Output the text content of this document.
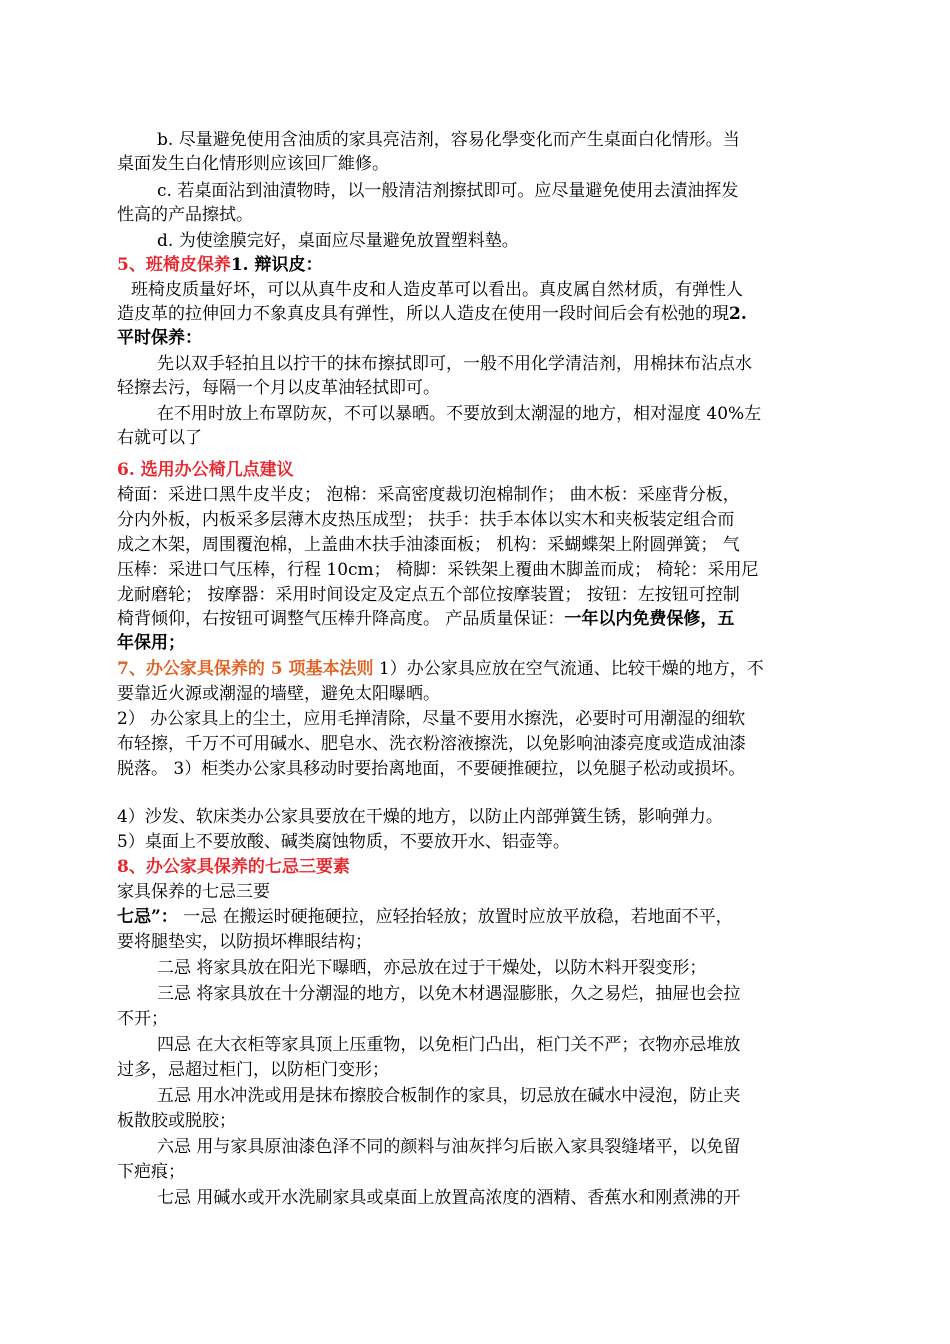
b. 尽量避免使用含油质的家具亮洁剂，容易化學变化而产生桌面白化情形。当
桌面发生白化情形则应该回厂維修。
c. 若桌面沾到油漬物時，以一般清洁剂擦拭即可。应尽量避免使用去漬油挥发
性高的产品擦拭。
d. 为使塗膜完好，桌面应尽量避免放置塑料墊。
5、班椅皮保养1. 辩识皮：
班椅皮质量好坏，可以从真牛皮和人造皮革可以看出。真皮属自然材质，有弹性人
造皮革的拉伸回力不象真皮具有弹性，所以人造皮在使用一段时间后会有松弛的現2.
平时保养：
先以双手轻拍且以拧干的抹布擦拭即可，一般不用化学清洁剂，用棉抹布沾点水
轻擦去污，每隔一个月以皮革油轻拭即可。
在不用时放上布罩防灰，不可以暴晒。不要放到太潮湿的地方，相对湿度 40%左
右就可以了
6. 选用办公椅几点建议
椅面：采进口黑牛皮半皮； 泡棉：采高密度裁切泡棉制作； 曲木板：采座背分板，
分内外板，内板采多层薄木皮热压成型； 扶手：扶手本体以实木和夹板装定组合而
成之木架，周围覆泡棉，上盖曲木扶手油漆面板； 机构：采蝴蝶架上附圆弹簧； 气
压棒：采进口气压棒，行程 10cm； 椅脚：采铁架上覆曲木脚盖而成； 椅轮：采用尼
龙耐磨轮； 按摩器：采用时间设定及定点五个部位按摩装置； 按钮：左按钮可控制
椅背倾仰，右按钮可调整气压棒升降高度。 产品质量保证：一年以内免费保修，五
年保用；
7、办公家具保养的 5 项基本法则 1）办公家具应放在空气流通、比较干燥的地方，不
要靠近火源或潮湿的墙壁，避免太阳曝晒。
2） 办公家具上的尘土，应用毛掸清除，尽量不要用水擦洗，必要时可用潮湿的细软
布轻擦，千万不可用碱水、肥皂水、洗衣粉溶液擦洗，以免影响油漆亮度或造成油漆
脱落。 3）柜类办公家具移动时要抬离地面，不要硬推硬拉，以免腿子松动或损坏。
4）沙发、软床类办公家具要放在干燥的地方，以防止内部弹簧生锈，影响弹力。
5）桌面上不要放酸、碱类腐蚀物质，不要放开水、铝壶等。
8、办公家具保养的七忌三要素
家具保养的七忌三要
七忌”： 一忌 在搬运时硬拖硬拉，应轻抬轻放；放置时应放平放稳，若地面不平，
要将腿垫实，以防损坏榫眼结构；
二忌 将家具放在阳光下曝晒，亦忌放在过于干燥处，以防木料开裂变形；
三忌 将家具放在十分潮湿的地方，以免木材遇湿膨胀，久之易烂，抽屉也会拉
不开；
四忌 在大衣柜等家具顶上压重物，以免柜门凸出，柜门关不严；衣物亦忌堆放
过多，忌超过柜门，以防柜门变形；
五忌 用水冲洗或用是抹布擦胶合板制作的家具，切忌放在碱水中浸泡，防止夹
板散胶或脱胶；
六忌 用与家具原油漆色泽不同的颜料与油灰拌匀后嵌入家具裂缝堵平，以免留
下疤痕；
七忌 用碱水或开水洗刷家具或桌面上放置高浓度的酒精、香蕉水和刚煮沸的开
